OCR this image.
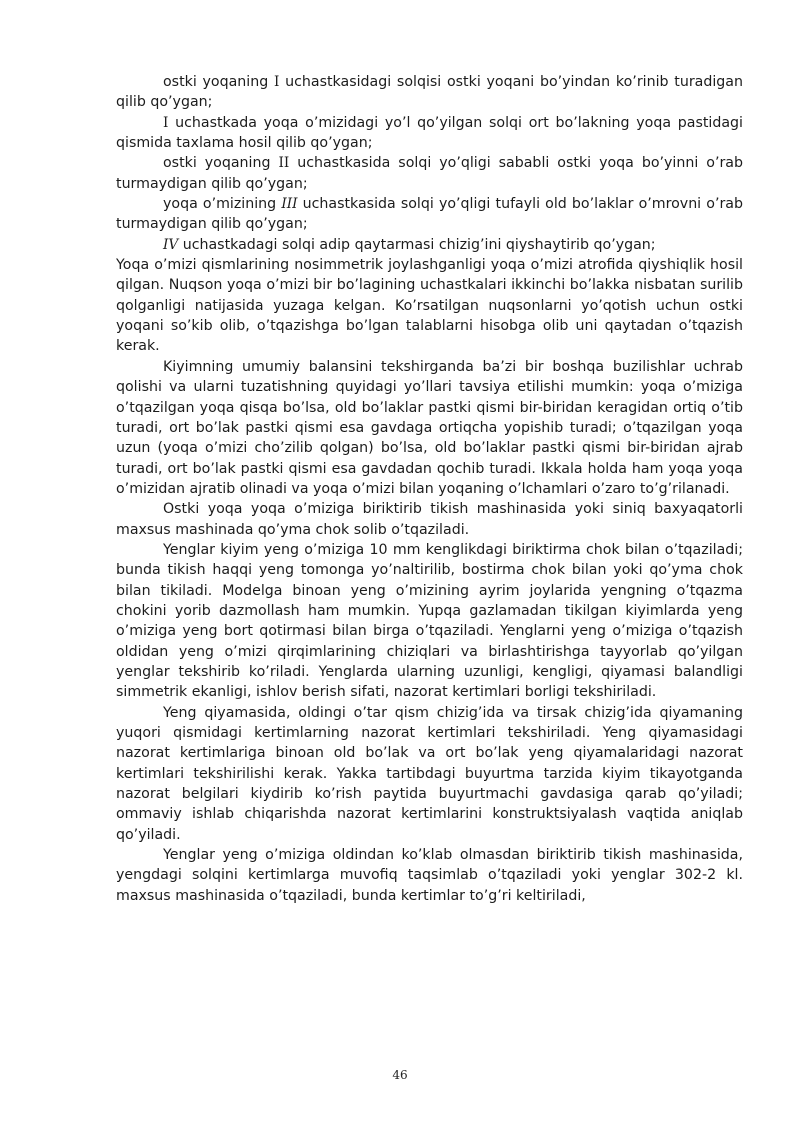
ostki yoqaning I uchastkasidagi solqisi ostki yoqani bo’yindan ko’rinib turadigan qilib qo’ygan;

I uchastkada yoqa o’mizidagi yo’l qo’yilgan solqi ort bo’lakning yoqa pastidagi qismida taxlama hosil qilib qo’ygan;

ostki yoqaning II uchastkasida solqi yo’qligi sababli ostki yoqa bo’yinni o’rab turmaydigan qilib qo’ygan;

yoqa o’mizining III uchastkasida solqi yo’qligi tufayli old bo’laklar o’mrovni o’rab turmaydigan qilib qo’ygan;

IV uchastkadagi solqi adip qaytarmasi chizig’ini qiyshaytirib qo’ygan;

Yoqa o’mizi qismlarining nosimmetrik joylashganligi yoqa o’mizi atrofida qiyshiqlik hosil qilgan. Nuqson yoqa o’mizi bir bo’lagining uchastkalari ikkinchi bo’lakka nisbatan surilib qolganligi natijasida yuzaga kelgan. Ko’rsatilgan nuqsonlarni yo’qotish uchun ostki yoqani so’kib olib, o’tqazishga bo’lgan talablarni hisobga olib uni qaytadan o’tqazish kerak.

Kiyimning umumiy balansini tekshirganda ba’zi bir boshqa buzilishlar uchrab qolishi va ularni tuzatishning quyidagi yo’llari tavsiya etilishi mumkin: yoqa o’miziga o’tqazilgan yoqa qisqa bo’lsa, old bo’laklar pastki qismi bir-biridan keragidan ortiq o’tib turadi, ort bo’lak pastki qismi esa gavdaga ortiqcha yopishib turadi; o’tqazilgan yoqa uzun (yoqa o’mizi cho’zilib qolgan) bo’lsa, old bo’laklar pastki qismi bir-biridan ajrab turadi, ort bo’lak pastki qismi esa gavdadan qochib turadi. Ikkala holda ham yoqa yoqa o’mizidan ajratib olinadi va yoqa o’mizi bilan yoqaning o’lchamlari o’zaro to’g’rilanadi.

Ostki yoqa yoqa o’miziga biriktirib tikish mashinasida yoki siniq baxyaqatorli maxsus mashinada qo’yma chok solib o’tqaziladi.

Yenglar kiyim yeng o’miziga 10 mm kenglikdagi biriktirma chok bilan o’tqaziladi; bunda tikish haqqi yeng tomonga yo’naltirilib, bostirma chok bilan yoki qo’yma chok bilan tikiladi. Modelga binoan yeng o’mizining ayrim joylarida yengning o’tqazma chokini yorib dazmollash ham mumkin. Yupqa gazlamadan tikilgan kiyimlarda yeng o’miziga yeng bort qotirmasi bilan birga o’tqaziladi. Yenglarni yeng o’miziga o’tqazish oldidan yeng o’mizi qirqimlarining chiziqlari va birlashtirishga tayyorlab qo’yilgan yenglar tekshirib ko’riladi. Yenglarda ularning uzunligi, kengligi, qiyamasi balandligi simmetrik ekanligi, ishlov berish sifati, nazorat kertimlari borligi tekshiriladi.

Yeng qiyamasida, oldingi o’tar qism chizig’ida va tirsak chizig’ida qiyamaning yuqori qismidagi kertimlarning nazorat kertimlari tekshiriladi. Yeng qiyamasidagi nazorat kertimlariga binoan old bo’lak va ort bo’lak yeng qiyamalaridagi nazorat kertimlari tekshirilishi kerak. Yakka tartibdagi buyurtma tarzida kiyim tikayotganda nazorat belgilari kiydirib ko’rish paytida buyurtmachi gavdasiga qarab qo’yiladi; ommaviy ishlab chiqarishda nazorat kertimlarini konstruktsiyalash vaqtida aniqlab qo’yiladi.

Yenglar yeng o’miziga oldindan ko’klab olmasdan biriktirib tikish mashinasida, yengdagi solqini kertimlarga muvofiq taqsimlab o’tqaziladi yoki yenglar 302-2 kl. maxsus mashinasida o’tqaziladi, bunda kertimlar to’g’ri keltiriladi,

46
